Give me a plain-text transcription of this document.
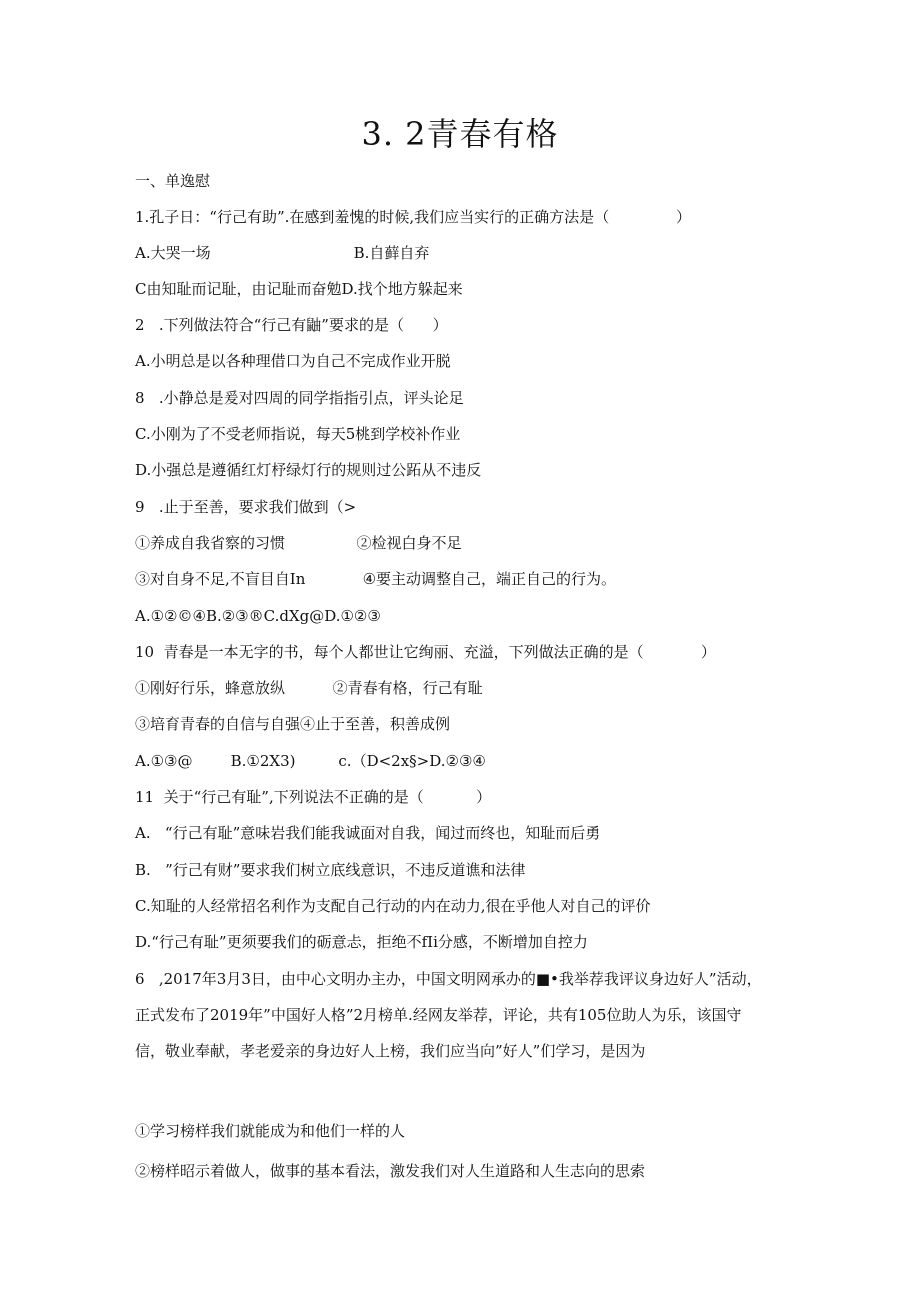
3. 2青春有格
一、单逸慰
1.孔子日：“行己有助”.在感到羞愧的时候,我们应当实行的正确方法是（              ）
A.大哭一场                              B.自藓自弃
C由知耻而记耻，由记耻而奋勉D.找个地方躲起来
2   .下列做法符合“行己有鼬”要求的是（      ）
A.小明总是以各种理借口为自己不完成作业开脱
8   .小静总是爰对四周的同学指指引点，评头论足
C.小刚为了不受老师指说，每天5桃到学校补作业
D.小强总是遵循红灯杼绿灯行的规则过公跖从不违反
9   .止于至善，要求我们做到（>
①养成自我省察的习惯               ②检视白身不足
③对自身不足,不盲目自In            ④要主动调整自己，端正自己的行为。
A.①②©④B.②③®C.dXg@D.①②③
10  青春是一本无字的书，每个人都世让它绚丽、充溢，下列做法正确的是（            ）
①刚好行乐，蜂意放纵          ②青春有格，行己有耻
③培育青春的自信与自强④止于至善，积善成例
A.①③@        B.①2X3)         c.（D<2x§>D.②③④
11  关于“行己有耻”,下列说法不正确的是（           ）
A.   “行己有耻”意味岩我们能我诚面对自我，闻过而终也，知耻而后勇
B.   ”行己有财”要求我们树立底线意识，不违反道谯和法律
C.知耻的人经常招名利作为支配自己行动的内在动力,很在乎他人对自己的评价
D.“行己有耻”更须要我们的砺意忐，拒绝不fIi分感，不断增加自控力
6   ,2017年3月3日，由中心文明办主办，中国文明网承办的■•我举荐我评议身边好人”活动，
正式发布了2019年”中国好人格”2月榜单.经网友举荐，评论，共有105位助人为乐，该国守
信，敬业奉献，孝老爱亲的身边好人上榜，我们应当向”好人”们学习，是因为
①学习榜样我们就能成为和他们一样的人
②榜样昭示着做人，做事的基本看法，激发我们对人生道路和人生志向的思索
